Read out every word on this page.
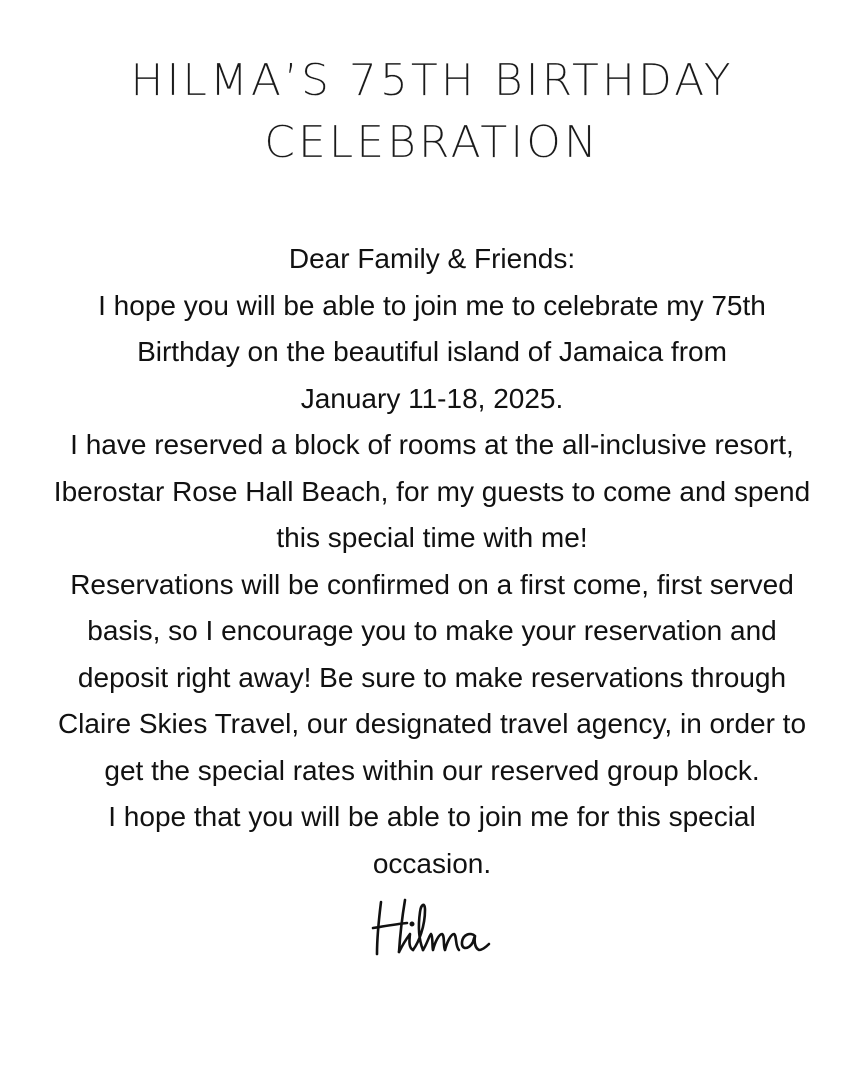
HILMA’S 75TH BIRTHDAY
CELEBRATION

Dear Family & Friends:

I hope you will be able to join me to celebrate my 75th

Birthday on the beautiful island of Jamaica from

January 11-18, 2025.

I have reserved a block of rooms at the all-inclusive resort,

Iberostar Rose Hall Beach, for my guests to come and spend

this special time with me!

Reservations will be confirmed on a first come, first served

basis, so I encourage you to make your reservation and

deposit right away! Be sure to make reservations through

Claire Skies Travel, our designated travel agency, in order to

get the special rates within our reserved group block.

I hope that you will be able to join me for this special

occasion.
